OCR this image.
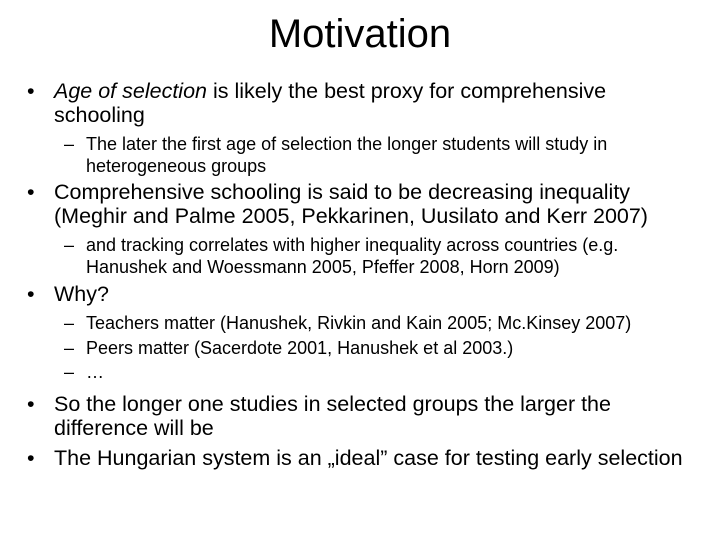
Motivation
• Age of selection is likely the best proxy for comprehensive schooling
– The later the first age of selection the longer students will study in heterogeneous groups
• Comprehensive schooling is said to be decreasing inequality (Meghir and Palme 2005, Pekkarinen, Uusilato and Kerr 2007)
– and tracking correlates with higher inequality across countries (e.g. Hanushek and Woessmann 2005, Pfeffer 2008, Horn 2009)
• Why?
– Teachers matter (Hanushek, Rivkin and Kain 2005; Mc.Kinsey 2007)
– Peers matter (Sacerdote 2001, Hanushek et al 2003.)
– …
• So the longer one studies in selected groups the larger the difference will be
• The Hungarian system is an „ideal” case for testing early selection
